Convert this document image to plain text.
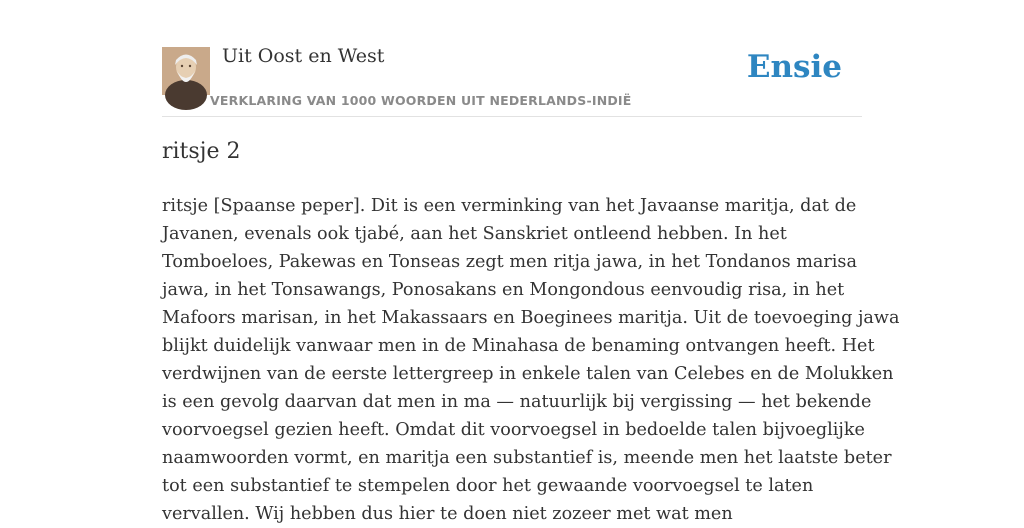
Uit Oost en West
VERKLARING VAN 1000 WOORDEN UIT NEDERLANDS-INDIË
Ensie
ritsje 2

ritsje [Spaanse peper]. Dit is een verminking van het Javaanse maritja, dat de
Javanen, evenals ook tjabé, aan het Sanskriet ontleend hebben. In het
Tomboeloes, Pakewas en Tonseas zegt men ritja jawa, in het Tondanos marisa
jawa, in het Tonsawangs, Ponosakans en Mongondous eenvoudig risa, in het
Mafoors marisan, in het Makassaars en Boeginees maritja. Uit de toevoeging jawa
blijkt duidelijk vanwaar men in de Minahasa de benaming ontvangen heeft. Het
verdwijnen van de eerste lettergreep in enkele talen van Celebes en de Molukken
is een gevolg daarvan dat men in ma — natuurlijk bij vergissing — het bekende
voorvoegsel gezien heeft. Omdat dit voorvoegsel in bedoelde talen bijvoeglijke
naamwoorden vormt, en maritja een substantief is, meende men het laatste beter
tot een substantief te stempelen door het gewaande voorvoegsel te laten
vervallen. Wij hebben dus hier te doen niet zozeer met wat men
